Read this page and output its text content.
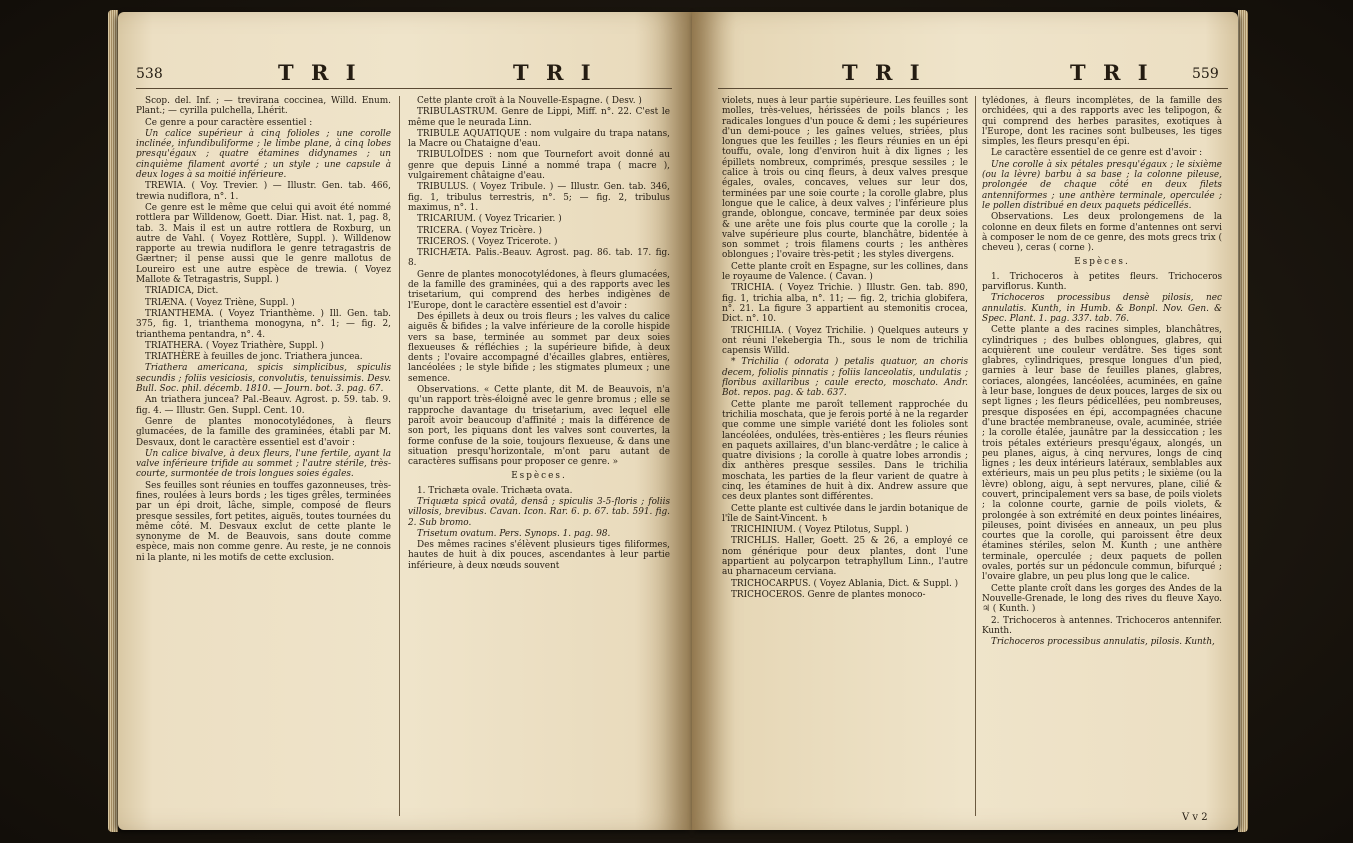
538	T R I	T R I

Scop. del. Inf. ; — trevirana coccinea, Willd. Enum. Plant.; — cyrilla pulchella, Lhérit.

Ce genre a pour caractère essentiel :

Un calice supérieur à cinq folioles ; une corolle inclinée, infundibuliforme ; le limbe plane, à cinq lobes presqu'égaux ; quatre étamines didynames ; un cinquième filament avorté ; un style ; une capsule à deux loges à sa moitié inférieure.

TREWIA. ( Voy. Trevier. ) — Illustr. Gen. tab. 466, trewia nudiflora, n°. 1.

Ce genre est le même que celui qui avoit été nommé rottlera par Willdenow, Goett. Diar. Hist. nat. 1, pag. 8, tab. 3. Mais il est un autre rottlera de Roxburg, un autre de Vahl. ( Voyez Rottlère, Suppl. ). Willdenow rapporte au trewia nudiflora le genre tetragastris de Gærtner; il pense aussi que le genre mallotus de Loureiro est une autre espèce de trewia. ( Voyez Mallote & Tetragastris, Suppl. )

TRIADICA, Dict.

TRIÆNA. ( Voyez Triène, Suppl. )

TRIANTHEMA. ( Voyez Trianthème. ) Ill. Gen. tab. 375, fig. 1, trianthema monogyna, n°. 1; — fig. 2, trianthema pentandra, n°. 4.

TRIATHERA. ( Voyez Triathère, Suppl. )

TRIATHÈRE à feuilles de jonc. Triathera juncea.

Triathera americana, spicis simplicibus, spiculis secundis ; foliis vesiciosis, convolutis, tenuissimis. Desv. Bull. Soc. phil. décemb. 1810. — Journ. bot. 3. pag. 67.

An triathera juncea? Pal.-Beauv. Agrost. p. 59. tab. 9. fig. 4. — Illustr. Gen. Suppl. Cent. 10.

Genre de plantes monocotylédones, à fleurs glumacées, de la famille des graminées, établi par M. Desvaux, dont le caractère essentiel est d'avoir :

Un calice bivalve, à deux fleurs, l'une fertile, ayant la valve inférieure trifide au sommet ; l'autre stérile, très-courte, surmontée de trois longues soies égales.

Ses feuilles sont réunies en touffes gazonneuses, très-fines, roulées à leurs bords ; les tiges grêles, terminées par un épi droit, lâche, simple, composé de fleurs presque sessiles, fort petites, aiguës, toutes tournées du même côté. M. Desvaux exclut de cette plante le synonyme de M. de Beauvois, sans doute comme espèce, mais non comme genre. Au reste, je ne connois ni la plante, ni les motifs de cette exclusion.

Cette plante croît à la Nouvelle-Espagne. ( Desv. )

TRIBULASTRUM. Genre de Lippi, Miff. n°. 22. C'est le même que le neurada Linn.

TRIBULE AQUATIQUE : nom vulgaire du trapa natans, la Macre ou Chataigne d'eau.

TRIBULOÏDES : nom que Tournefort avoit donné au genre que depuis Linné a nommé trapa ( macre ), vulgairement châtaigne d'eau.

TRIBULUS. ( Voyez Tribule. ) — Illustr. Gen. tab. 346, fig. 1, tribulus terrestris, n°. 5; — fig. 2, tribulus maximus, n°. 1.

TRICARIUM. ( Voyez Tricarier. )

TRICERA. ( Voyez Tricère. )

TRICEROS. ( Voyez Tricerote. )

TRICHÆTA. Palis.-Beauv. Agrost. pag. 86. tab. 17. fig. 8.

Genre de plantes monocotylédones, à fleurs glumacées, de la famille des graminées, qui a des rapports avec les trisetarium, qui comprend des herbes indigènes de l'Europe, dont le caractère essentiel est d'avoir :

Des épillets à deux ou trois fleurs ; les valves du calice aiguës & bifides ; la valve inférieure de la corolle hispide vers sa base, terminée au sommet par deux soies flexueuses & réfléchies ; la supérieure bifide, à deux dents ; l'ovaire accompagné d'écailles glabres, entières, lancéolées ; le style bifide ; les stigmates plumeux ; une semence.

Observations. « Cette plante, dit M. de Beauvois, n'a qu'un rapport très-éloigné avec le genre bromus ; elle se rapproche davantage du trisetarium, avec lequel elle paroît avoir beaucoup d'affinité ; mais la différence de son port, les piquans dont les valves sont couvertes, la forme confuse de la soie, toujours flexueuse, & dans une situation presqu'horizontale, m'ont paru autant de caractères suffisans pour proposer ce genre. »

Espèces.

1. Trichæta ovale. Trichæta ovata.

Triquæta spicâ ovatâ, densâ ; spiculis 3-5-floris ; foliis villosis, brevibus. Cavan. Icon. Rar. 6. p. 67. tab. 591. fig. 2. Sub bromo.

Trisetum ovatum. Pers. Synops. 1. pag. 98.

Des mêmes racines s'élèvent plusieurs tiges filiformes, hautes de huit à dix pouces, ascendantes à leur partie inférieure, à deux nœuds souvent

T R I	T R I	559

violets, nues à leur partie supérieure. Les feuilles sont molles, très-velues, hérissées de poils blancs ; les radicales longues d'un pouce & demi ; les supérieures d'un demi-pouce ; les gaînes velues, striées, plus longues que les feuilles ; les fleurs réunies en un épi touffu, ovale, long d'environ huit à dix lignes ; les épillets nombreux, comprimés, presque sessiles ; le calice à trois ou cinq fleurs, à deux valves presque égales, ovales, concaves, velues sur leur dos, terminées par une soie courte ; la corolle glabre, plus longue que le calice, à deux valves ; l'inférieure plus grande, oblongue, concave, terminée par deux soies & une arête une fois plus courte que la corolle ; la valve supérieure plus courte, blanchâtre, bidentée à son sommet ; trois filamens courts ; les anthères oblongues ; l'ovaire très-petit ; les styles divergens.

Cette plante croît en Espagne, sur les collines, dans le royaume de Valence. ( Cavan. )

TRICHIA. ( Voyez Trichie. ) Illustr. Gen. tab. 890, fig. 1, trichia alba, n°. 11; — fig. 2, trichia globifera, n°. 21. La figure 3 appartient au stemonitis crocea, Dict. n°. 10.

TRICHILIA. ( Voyez Trichilie. ) Quelques auteurs y ont réuni l'ekebergia Th., sous le nom de trichilia capensis Willd.

* Trichilia ( odorata ) petalis quatuor, an choris decem, foliolis pinnatis ; foliis lanceolatis, undulatis ; floribus axillaribus ; caule erecto, moschato. Andr. Bot. repos. pag. & tab. 637.

Cette plante me paroît tellement rapprochée du trichilia moschata, que je ferois porté à ne la regarder que comme une simple variété dont les folioles sont lancéolées, ondulées, très-entières ; les fleurs réunies en paquets axillaires, d'un blanc-verdâtre ; le calice à quatre divisions ; la corolle à quatre lobes arrondis ; dix anthères presque sessiles. Dans le trichilia moschata, les parties de la fleur varient de quatre à cinq, les étamines de huit à dix. Andrew assure que ces deux plantes sont différentes.

Cette plante est cultivée dans le jardin botanique de l'île de Saint-Vincent. ♄

TRICHINIUM. ( Voyez Ptilotus, Suppl. )

TRICHLIS. Haller, Goett. 25 & 26, a employé ce nom générique pour deux plantes, dont l'une appartient au polycarpon tetraphyllum Linn., l'autre au pharnaceum cerviana.

TRICHOCARPUS. ( Voyez Ablania, Dict. & Suppl. )

TRICHOCEROS. Genre de plantes monoco-

tylédones, à fleurs incomplètes, de la famille des orchidées, qui a des rapports avec les telipogon, & qui comprend des herbes parasites, exotiques à l'Europe, dont les racines sont bulbeuses, les tiges simples, les fleurs presqu'en épi.

Le caractère essentiel de ce genre est d'avoir :

Une corolle à six pétales presqu'égaux ; le sixième (ou la lèvre) barbu à sa base ; la colonne pileuse, prolongée de chaque côté en deux filets antenniformes ; une anthère terminale, operculée ; le pollen distribué en deux paquets pédicellés.

Observations. Les deux prolongemens de la colonne en deux filets en forme d'antennes ont servi à composer le nom de ce genre, des mots grecs trix ( cheveu ), ceras ( corne ).

Espèces.

1. Trichoceros à petites fleurs. Trichoceros parviflorus. Kunth.

Trichoceros processibus densè pilosis, nec annulatis. Kunth, in Humb. & Bonpl. Nov. Gen. & Spec. Plant. 1. pag. 337. tab. 76.

Cette plante a des racines simples, blanchâtres, cylindriques ; des bulbes oblongues, glabres, qui acquièrent une couleur verdâtre. Ses tiges sont glabres, cylindriques, presque longues d'un pied, garnies à leur base de feuilles planes, glabres, coriaces, alongées, lancéolées, acuminées, en gaîne à leur base, longues de deux pouces, larges de six ou sept lignes ; les fleurs pédicellées, peu nombreuses, presque disposées en épi, accompagnées chacune d'une bractée membraneuse, ovale, acuminée, striée ; la corolle étalée, jaunâtre par la dessiccation ; les trois pétales extérieurs presqu'égaux, alongés, un peu planes, aigus, à cinq nervures, longs de cinq lignes ; les deux intérieurs latéraux, semblables aux extérieurs, mais un peu plus petits ; le sixième (ou la lèvre) oblong, aigu, à sept nervures, plane, cilié & couvert, principalement vers sa base, de poils violets ; la colonne courte, garnie de poils violets, & prolongée à son extrémité en deux pointes linéaires, pileuses, point divisées en anneaux, un peu plus courtes que la corolle, qui paroissent être deux étamines stériles, selon M. Kunth ; une anthère terminale, operculée ; deux paquets de pollen ovales, portés sur un pédoncule commun, bifurqué ; l'ovaire glabre, un peu plus long que le calice.

Cette plante croît dans les gorges des Andes de la Nouvelle-Grenade, le long des rives du fleuve Xayo. ♃ ( Kunth. )

2. Trichoceros à antennes. Trichoceros antennifer. Kunth.

Trichoceros processibus annulatis, pilosis. Kunth,

V v 2
